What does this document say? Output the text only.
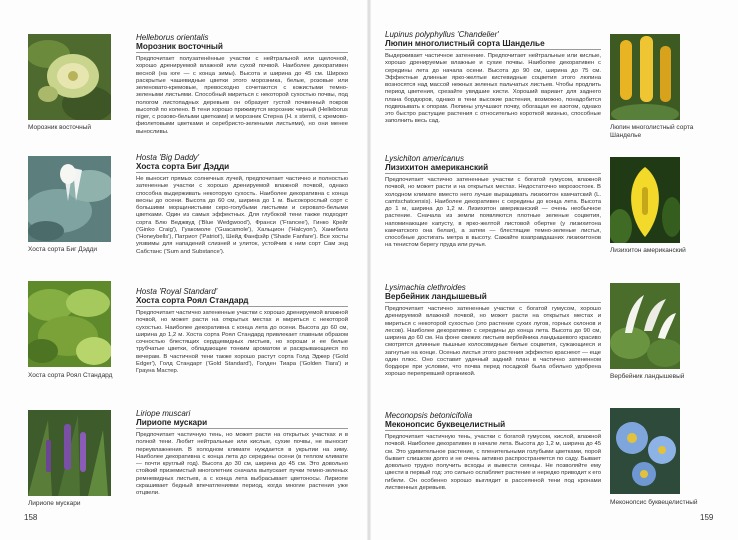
Морозник восточный
Helleborus orientalis
Морозник восточный
Предпочитает полузатенённые участки с нейтральной или щелочной, хорошо дренируемой влажной или сухой почвой. Наиболее декоративен весной (на юге — с конца зимы). Высота и ширина до 45 см. Широко раскрытые чашевидные цветки этого морозника, белые, розовые или зеленовато-кремовые, превосходно сочетаются с кожистыми темно-зелеными листьями. Способный мириться с некоторой сухостью почвы, под пологом листопадных деревьев он образует густой почвенный покров высотой по колено. В тени хорошо приживутся морозник черный (Helleborus niger, с розово-белыми цветками) и морозник Стерна (H. x sternii, с кремово-фиолетовыми цветками и серебристо-зелеными листьями), но они менее выносливы.
Хоста сорта Биг Дэдди
Hosta 'Big Daddy'
Хоста сорта Биг Дэдди
Не выносит прямых солнечных лучей, предпочитает частично и полностью затененные участки с хорошо дренируемой влажной почвой, однако способна выдерживать некоторую сухость. Наиболее декоративна с конца весны до осени. Высота до 60 см, ширина до 1 м. Высокорослый сорт с большими морщинистыми серо-голубыми листьями и серовато-белыми цветками. Один из самых эффектных. Для глубокой тени также подходят сорта Блю Веджвуд ('Blue Wedgwood'), Франси ('Francee'), Гинко Крейг ('Ginko Craig'), Гуакомоле ('Guacamole'), Хальцион ('Halcyon'), Ханибелз ('Honeybells'), Патриот ('Patriot'), Шейд Фанфэйр ('Shade Fanfare'). Все хосты уязвимы для нападений слизней и улиток, устойчив к ним сорт Сам энд Сабстанс ('Sum and Substance').
Хоста сорта Роял Стандард
Hosta 'Royal Standard'
Хоста сорта Роял Стандард
Предпочитает частично затененные участки с хорошо дренируемой влажной почвой, но может расти на открытых местах и мириться с некоторой сухостью. Наиболее декоративна с конца лета до осени. Высота до 60 см, ширина до 1,2 м. Хоста сорта Роял Стандард привлекает главным образом сочностью блестящих сердцевидных листьев, но хороши и ее белые трубчатые цветки, обладающие тонким ароматом и раскрывающиеся по вечерам. В частичной тени также хорошо растут сорта Голд Эджер ('Gold Edger'), Голд Стандарт ('Gold Standard'), Голден Тиара ('Golden Tiara') и Грауна Мастер.
Лириопе мускари
Liriope muscari
Лириопе мускари
Предпочитает частичную тень, но может расти на открытых участках и в полной тени. Любит нейтральные или кислые, сухие почвы, не выносит переувлажнения. В холодном климате нуждается в укрытии на зиму. Наиболее декоративна с конца лета до середины осени (в теплом климате — почти круглый год). Высота до 30 см, ширина до 45 см. Это довольно стойкий приземистый многолетник сначала выпускает пучки темно-зеленых ремневидных листьев, а с конца лета выбрасывает цветоносы. Лириопе скрашивает бедный впечатлениями период, когда многие растения уже отцвели.
158
Lupinus polyphyllus 'Chandelier'
Люпин многолистный сорта Шанделье
Выдерживает частичное затенение. Предпочитает нейтральные или кислые, хорошо дренируемые влажные и сухие почвы. Наиболее декоративен с середины лета до начала осени. Высота до 90 см, ширина до 75 см. Эффектные длинные ярко-желтые кистевидные соцветия этого люпина возносятся над массой нежных зеленых пальчатых листьев. Чтобы продлить период цветения, срезайте увядшие кисти. Хороший вариант для заднего плана бордюров, однако в тени высокие растения, возможно, понадобится подвязывать к опорам. Люпины улучшают почву, обогащая ее азотом, однако это быстро растущие растения с относительно короткой жизнью, способные заполнить весь сад.
Люпин многолистный сорта Шанделье
Lysichiton americanus
Лизихитон американский
Предпочитает частично затененные участки с богатой гумусом, влажной почвой, но может расти и на открытых местах. Недостаточно морозостоек. В холодном климате вместо него лучше выращивать лизихитон камчатский (L. camtschatcensis). Наиболее декоративен с середины до конца лета. Высота до 1 м, ширина до 1,2 м. Лизихитон американский — очень необычное растение. Сначала из земли появляются плотные зеленые соцветия, напоминающие капусту, в ярко-желтой листовой обертке (у лизихитона камчатского она белая), а затем — блестящие темно-зеленые листья, способные достигать метра в высоту. Сажайте взаправдашних лизихитонов на тенистом берегу пруда или ручья.
Лизихитон американский
Lysimachia clethroides
Вербейник ландышевый
Предпочитает частично затененные участки с богатой гумусом, хорошо дренируемой влажной почвой, но может расти на открытых местах и мириться с некоторой сухостью (это растение сухих лугов, горных склонов и лесов). Наиболее декоративно с середины до конца лета. Высота до 90 см, ширина до 60 см. На фоне свежих листьев вербейника ландышевого красиво смотрятся длинные пышные колосовидные белые соцветия, сужающиеся и загнутые на конце. Осенью листья этого растения эффектно краснеют — еще один плюс. Оно составит удачный задний план в частично затененном бордюре при условии, что почва перед посадкой была обильно удобрена хорошо перепревшей органикой.	Вербейник ландышевый
Meconopsis betonicifolia
Меконопсис буквецелистный
Предпочитает частичную тень, участки с богатой гумусом, кислой, влажной почвой. Наиболее декоративен в начале лета. Высота до 1,2 м, ширина до 45 см. Это удивительное растение, с пленительными голубыми цветками, порой бывает слишком долго и не очень активно распространяется по саду. Бывает довольно трудно получить всходы и вывести сеянцы. Не позволяйте ему цвести в первый год: это сильно ослабляет растение и нередко приводит к его гибели. Он особенно хорошо выглядит в рассеянной тени под кронами лиственных деревьев.
Меконопсис буквецелистный
159
